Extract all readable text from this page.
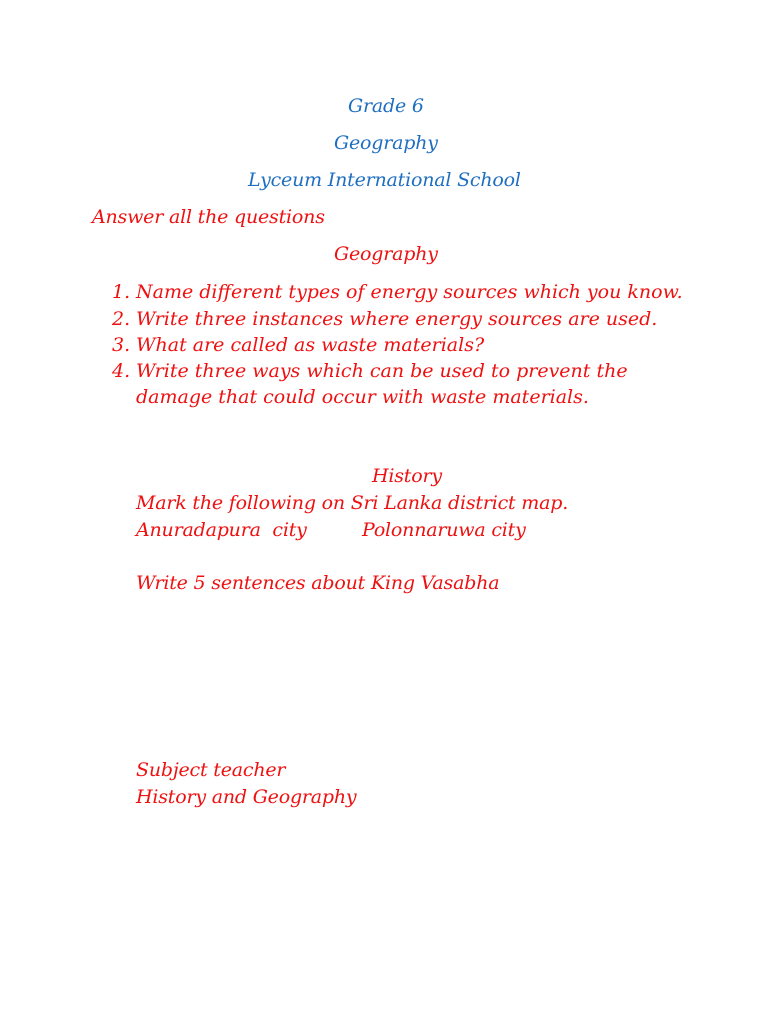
Grade 6
Geography
Lyceum International School
Answer all the questions
Geography
1. Name different types of energy sources which you know.
2. Write three instances where energy sources are used.
3. What are called as waste materials?
4. Write three ways which can be used to prevent the damage that could occur with waste materials.
History
Mark the following on Sri Lanka district map.
Anuradapura  city	Polonnaruwa city
Write 5 sentences about King Vasabha
Subject teacher
History and Geography
